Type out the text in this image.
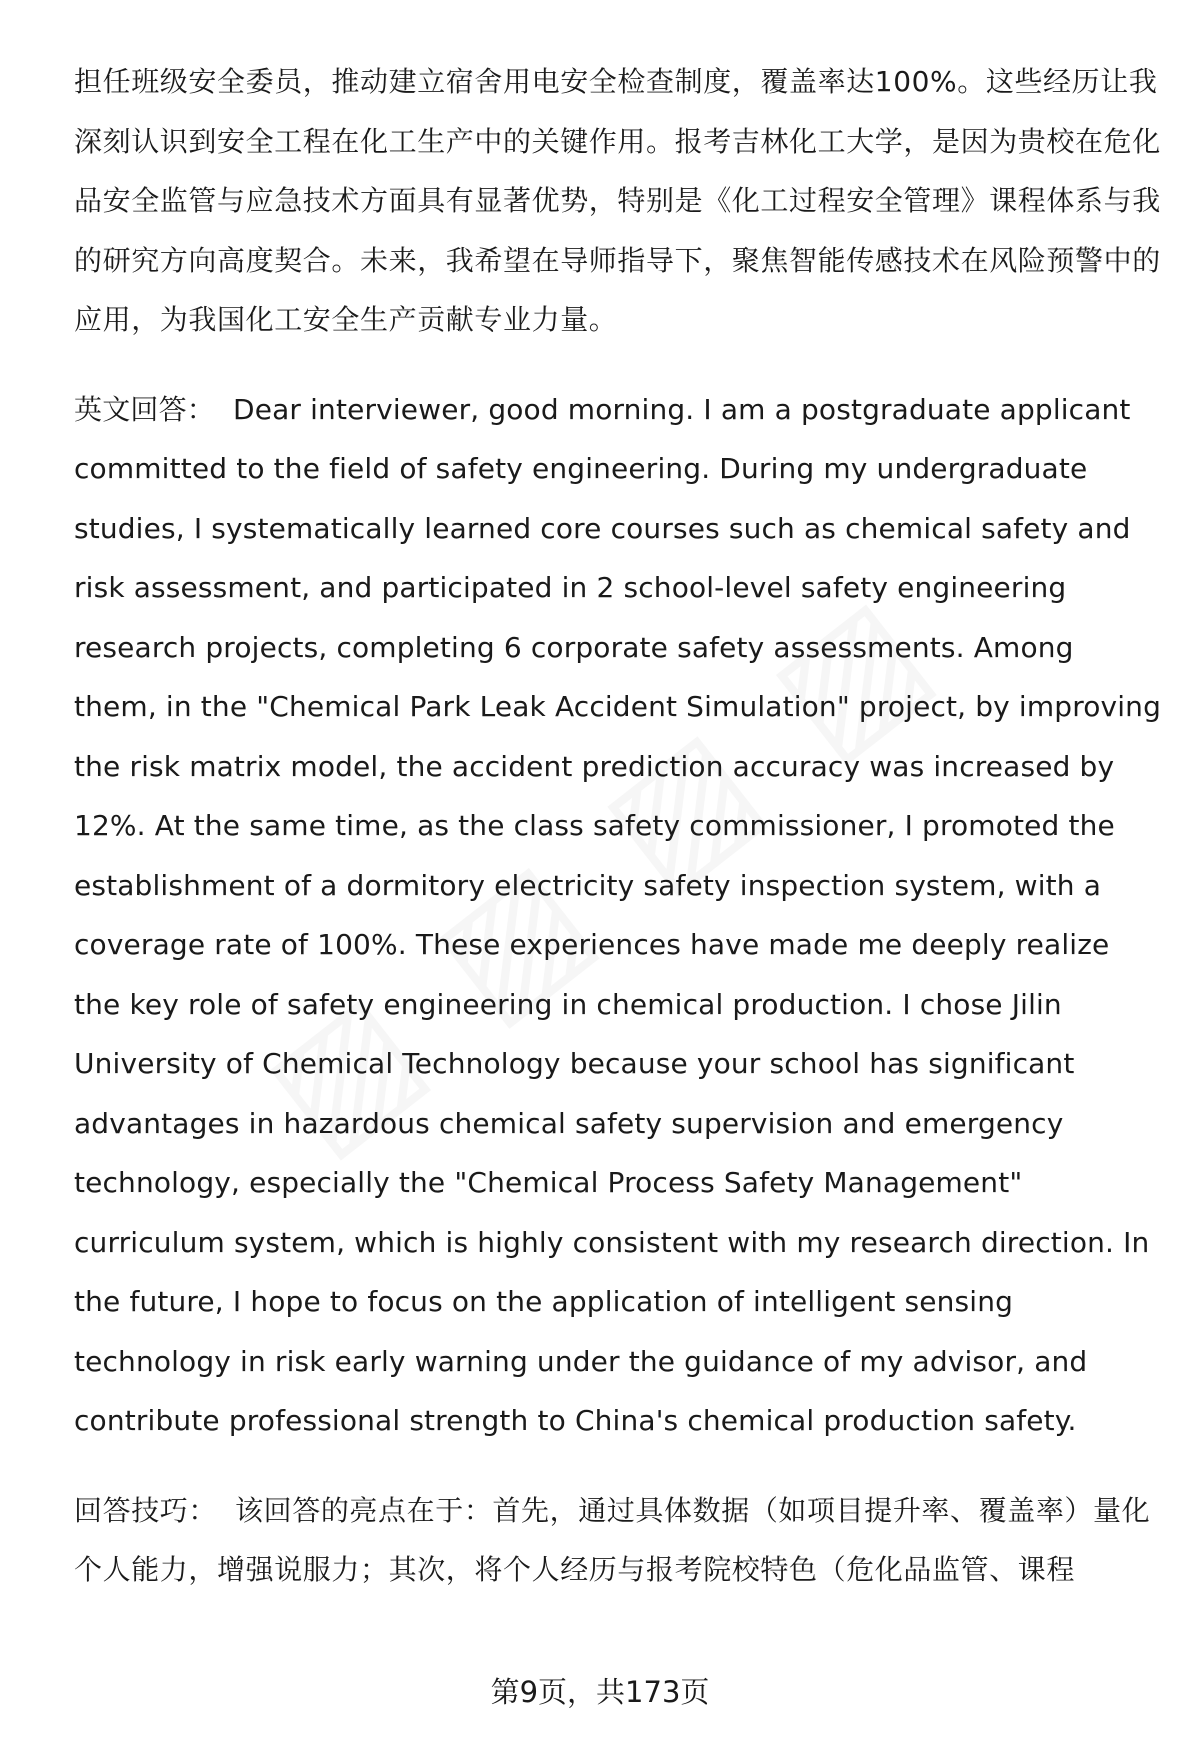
担任班级安全委员，推动建立宿舍用电安全检查制度，覆盖率达100%。这些经历让我深刻认识到安全工程在化工生产中的关键作用。报考吉林化工大学，是因为贵校在危化品安全监管与应急技术方面具有显著优势，特别是《化工过程安全管理》课程体系与我的研究方向高度契合。未来，我希望在导师指导下，聚焦智能传感技术在风险预警中的应用，为我国化工安全生产贡献专业力量。

英文回答： Dear interviewer, good morning. I am a postgraduate applicant committed to the field of safety engineering. During my undergraduate studies, I systematically learned core courses such as chemical safety and risk assessment, and participated in 2 school-level safety engineering research projects, completing 6 corporate safety assessments. Among them, in the "Chemical Park Leak Accident Simulation" project, by improving the risk matrix model, the accident prediction accuracy was increased by 12%. At the same time, as the class safety commissioner, I promoted the establishment of a dormitory electricity safety inspection system, with a coverage rate of 100%. These experiences have made me deeply realize the key role of safety engineering in chemical production. I chose Jilin University of Chemical Technology because your school has significant advantages in hazardous chemical safety supervision and emergency technology, especially the "Chemical Process Safety Management" curriculum system, which is highly consistent with my research direction. In the future, I hope to focus on the application of intelligent sensing technology in risk early warning under the guidance of my advisor, and contribute professional strength to China's chemical production safety.

回答技巧： 该回答的亮点在于：首先，通过具体数据（如项目提升率、覆盖率）量化个人能力，增强说服力；其次，将个人经历与报考院校特色（危化品监管、课程

第9页，共173页
